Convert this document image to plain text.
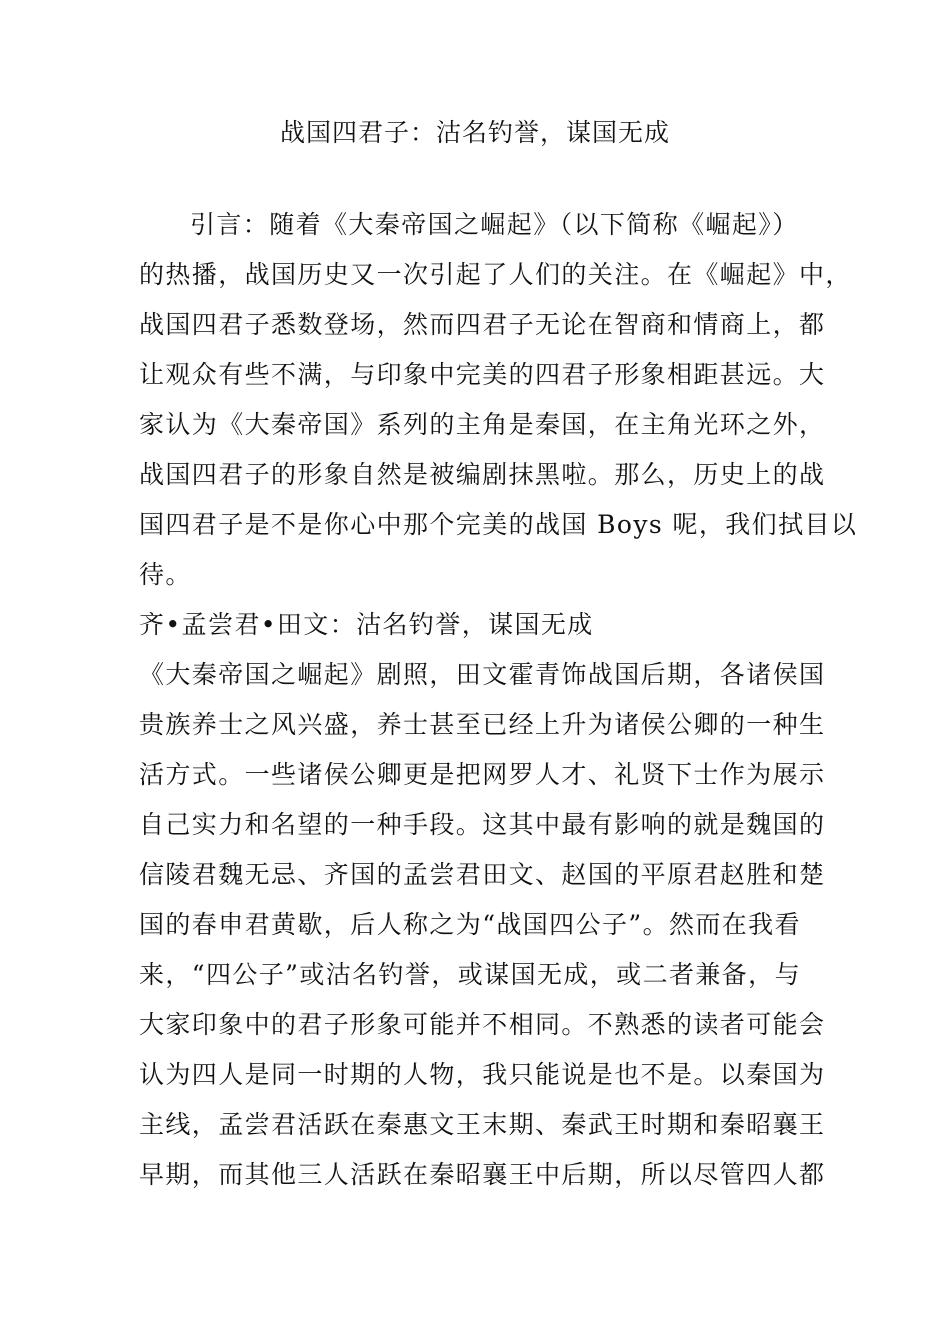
战国四君子：沽名钓誉，谋国无成
引言：随着《大秦帝国之崛起》（以下简称《崛起》）
的热播，战国历史又一次引起了人们的关注。在《崛起》中，
战国四君子悉数登场，然而四君子无论在智商和情商上，都
让观众有些不满，与印象中完美的四君子形象相距甚远。大
家认为《大秦帝国》系列的主角是秦国，在主角光环之外，
战国四君子的形象自然是被编剧抹黑啦。那么，历史上的战
国四君子是不是你心中那个完美的战国 Boys 呢，我们拭目以
待。
齐•孟尝君•田文：沽名钓誉，谋国无成
《大秦帝国之崛起》剧照，田文霍青饰战国后期，各诸侯国
贵族养士之风兴盛，养士甚至已经上升为诸侯公卿的一种生
活方式。一些诸侯公卿更是把网罗人才、礼贤下士作为展示
自己实力和名望的一种手段。这其中最有影响的就是魏国的
信陵君魏无忌、齐国的孟尝君田文、赵国的平原君赵胜和楚
国的春申君黄歇，后人称之为“战国四公子”。然而在我看
来，“四公子”或沽名钓誉，或谋国无成，或二者兼备，与
大家印象中的君子形象可能并不相同。不熟悉的读者可能会
认为四人是同一时期的人物，我只能说是也不是。以秦国为
主线，孟尝君活跃在秦惠文王末期、秦武王时期和秦昭襄王
早期，而其他三人活跃在秦昭襄王中后期，所以尽管四人都
